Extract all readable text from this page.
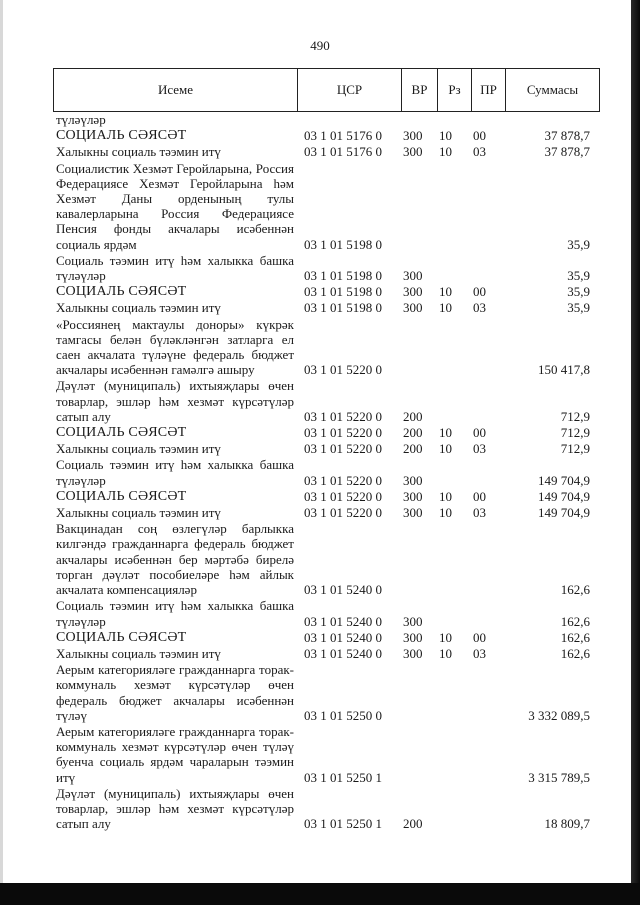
490
Исеме	ЦСР	ВР	Рз	ПР	Суммасы
түләүләр
СОЦИАЛЬ СӘЯСӘТ	03 1 01 5176 0	300	10	00	37 878,7
Халыкны социаль тәэмин итү	03 1 01 5176 0	300	10	03	37 878,7
Социалистик Хезмәт Геройларына, Россия Федерациясе Хезмәт Геройларына һәм Хезмәт Даны орденының тулы кавалерларына Россия Федерациясе Пенсия фонды акчалары исәбеннән социаль ярдәм	03 1 01 5198 0	35,9
Социаль тәэмин итү һәм халыкка башка түләүләр	03 1 01 5198 0	300	35,9
СОЦИАЛЬ СӘЯСӘТ	03 1 01 5198 0	300	10	00	35,9
Халыкны социаль тәэмин итү	03 1 01 5198 0	300	10	03	35,9
«Россиянең мактаулы доноры» күкрәк тамгасы белән бүләкләнгән затларга ел саен акчалата түләүне федераль бюджет акчалары исәбеннән гамәлгә ашыру	03 1 01 5220 0	150 417,8
Дәүләт (муниципаль) ихтыяҗлары өчен товарлар, эшләр һәм хезмәт күрсәтүләр сатып алу	03 1 01 5220 0	200	712,9
СОЦИАЛЬ СӘЯСӘТ	03 1 01 5220 0	200	10	00	712,9
Халыкны социаль тәэмин итү	03 1 01 5220 0	200	10	03	712,9
Социаль тәэмин итү һәм халыкка башка түләүләр	03 1 01 5220 0	300	149 704,9
СОЦИАЛЬ СӘЯСӘТ	03 1 01 5220 0	300	10	00	149 704,9
Халыкны социаль тәэмин итү	03 1 01 5220 0	300	10	03	149 704,9
Вакцинадан соң өзлегүләр барлыкка килгәндә гражданнарга федераль бюджет акчалары исәбеннән бер мәртәбә бирелә торган дәүләт пособиеләре һәм айлык акчалата компенсацияләр	03 1 01 5240 0	162,6
Социаль тәэмин итү һәм халыкка башка түләүләр	03 1 01 5240 0	300	162,6
СОЦИАЛЬ СӘЯСӘТ	03 1 01 5240 0	300	10	00	162,6
Халыкны социаль тәэмин итү	03 1 01 5240 0	300	10	03	162,6
Аерым категорияләге гражданнарга торак-коммуналь хезмәт күрсәтүләр өчен федераль бюджет акчалары исәбеннән түләү	03 1 01 5250 0	3 332 089,5
Аерым категорияләге гражданнарга торак-коммуналь хезмәт күрсәтүләр өчен түләү буенча социаль ярдәм чараларын тәэмин итү	03 1 01 5250 1	3 315 789,5
Дәүләт (муниципаль) ихтыяҗлары өчен товарлар, эшләр һәм хезмәт күрсәтүләр сатып алу	03 1 01 5250 1	200	18 809,7
